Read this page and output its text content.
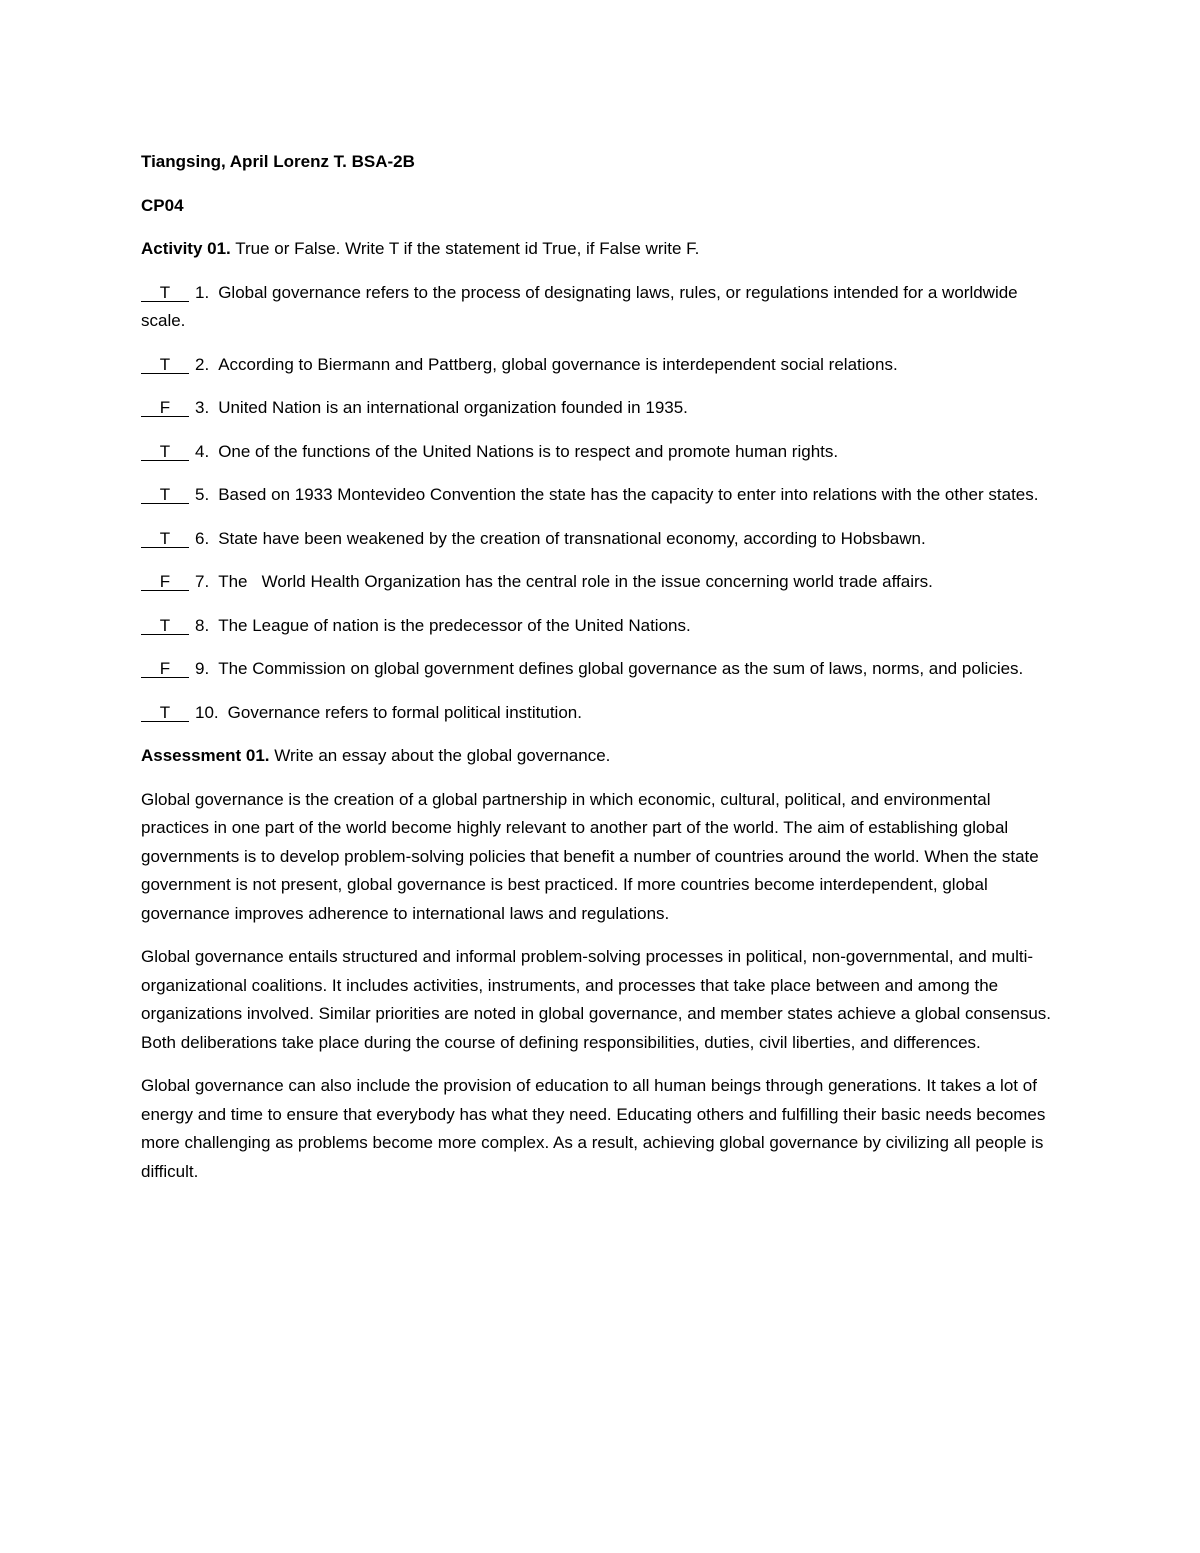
Tiangsing, April Lorenz T. BSA-2B

CP04

Activity 01. True or False. Write T if the statement id True, if False write F.

T 1. Global governance refers to the process of designating laws, rules, or regulations intended for a worldwide scale.

T 2. According to Biermann and Pattberg, global governance is interdependent social relations.

F 3. United Nation is an international organization founded in 1935.

T 4. One of the functions of the United Nations is to respect and promote human rights.

T 5. Based on 1933 Montevideo Convention the state has the capacity to enter into relations with the other states.

T 6. State have been weakened by the creation of transnational economy, according to Hobsbawn.

F 7. The   World Health Organization has the central role in the issue concerning world trade affairs.

T 8. The League of nation is the predecessor of the United Nations.

F 9. The Commission on global government defines global governance as the sum of laws, norms, and policies.

T 10. Governance refers to formal political institution.

Assessment 01. Write an essay about the global governance.

Global governance is the creation of a global partnership in which economic, cultural, political, and environmental practices in one part of the world become highly relevant to another part of the world. The aim of establishing global governments is to develop problem-solving policies that benefit a number of countries around the world. When the state government is not present, global governance is best practiced. If more countries become interdependent, global governance improves adherence to international laws and regulations.

Global governance entails structured and informal problem-solving processes in political, non-governmental, and multi-organizational coalitions. It includes activities, instruments, and processes that take place between and among the organizations involved. Similar priorities are noted in global governance, and member states achieve a global consensus. Both deliberations take place during the course of defining responsibilities, duties, civil liberties, and differences.

Global governance can also include the provision of education to all human beings through generations. It takes a lot of energy and time to ensure that everybody has what they need. Educating others and fulfilling their basic needs becomes more challenging as problems become more complex. As a result, achieving global governance by civilizing all people is difficult.
